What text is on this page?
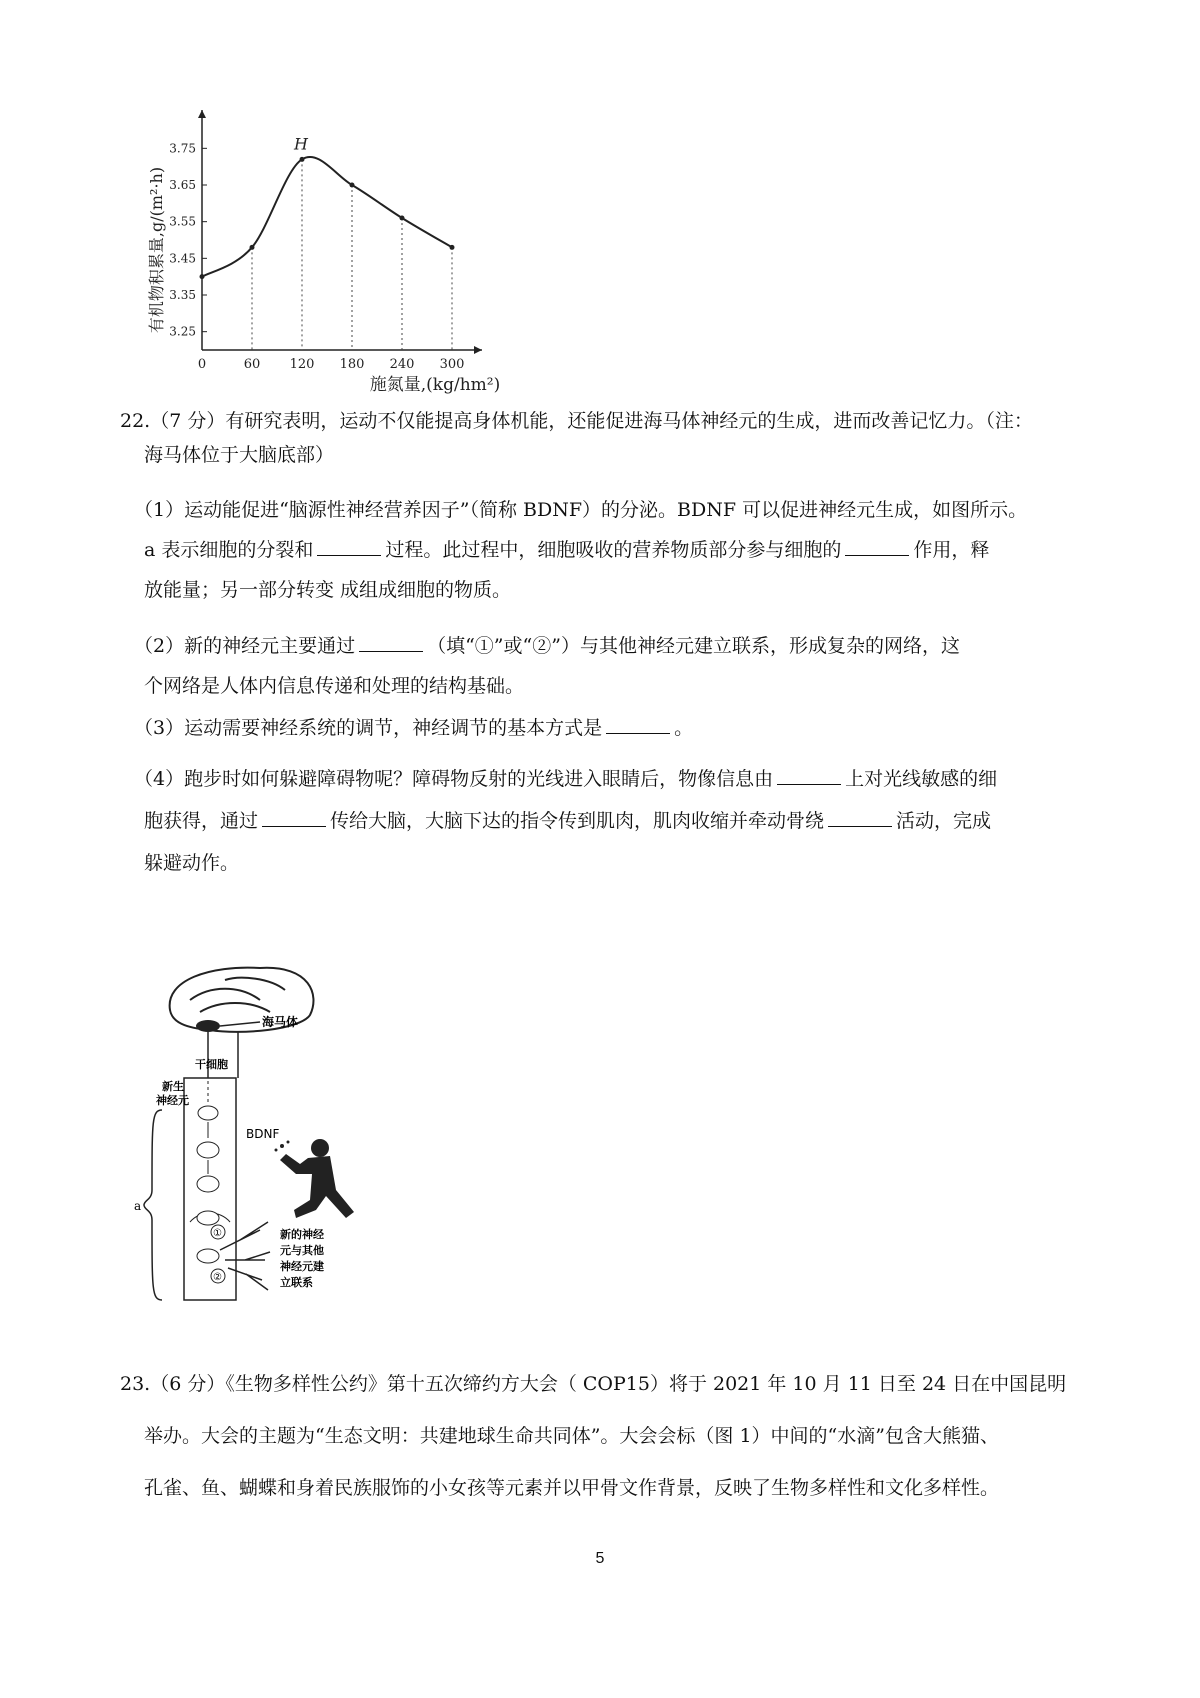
有机物积累量,g/(m²·h)
施氮量,(kg/hm²)
3.75
3.65
3.55
3.45
3.35
3.25
0	60 120 180 240 300
H
22.（7 分）有研究表明，运动不仅能提高身体机能，还能促进海马体神经元的生成，进而改善记忆力。（注：
海马体位于大脑底部）
（1）运动能促进“脑源性神经营养因子”（简称 BDNF）的分泌。BDNF 可以促进神经元生成，如图所示。
a 表示细胞的分裂和	过程。此过程中，细胞吸收的营养物质部分参与细胞的	作用，释
放能量；另一部分转变 成组成细胞的物质。
（2）新的神经元主要通过	（填“①”或“②”）与其他神经元建立联系，形成复杂的网络，这
个网络是人体内信息传递和处理的结构基础。
（3）运动需要神经系统的调节，神经调节的基本方式是	。
（4）跑步时如何躲避障碍物呢？障碍物反射的光线进入眼睛后，物像信息由	上对光线敏感的细
胞获得，通过	传给大脑，大脑下达的指令传到肌肉，肌肉收缩并牵动骨绕	活动，完成
躲避动作。
海马体
干细胞
新生
神经元
①
②
a
BDNF
新的神经
元与其他
神经元建
立联系
23.（6 分）《生物多样性公约》第十五次缔约方大会（ COP15）将于 2021 年 10 月 11 日至 24 日在中国昆明
举办。大会的主题为“生态文明：共建地球生命共同体”。大会会标（图 1）中间的“水滴”包含大熊猫、
孔雀、鱼、蝴蝶和身着民族服饰的小女孩等元素并以甲骨文作背景，反映了生物多样性和文化多样性。
5
